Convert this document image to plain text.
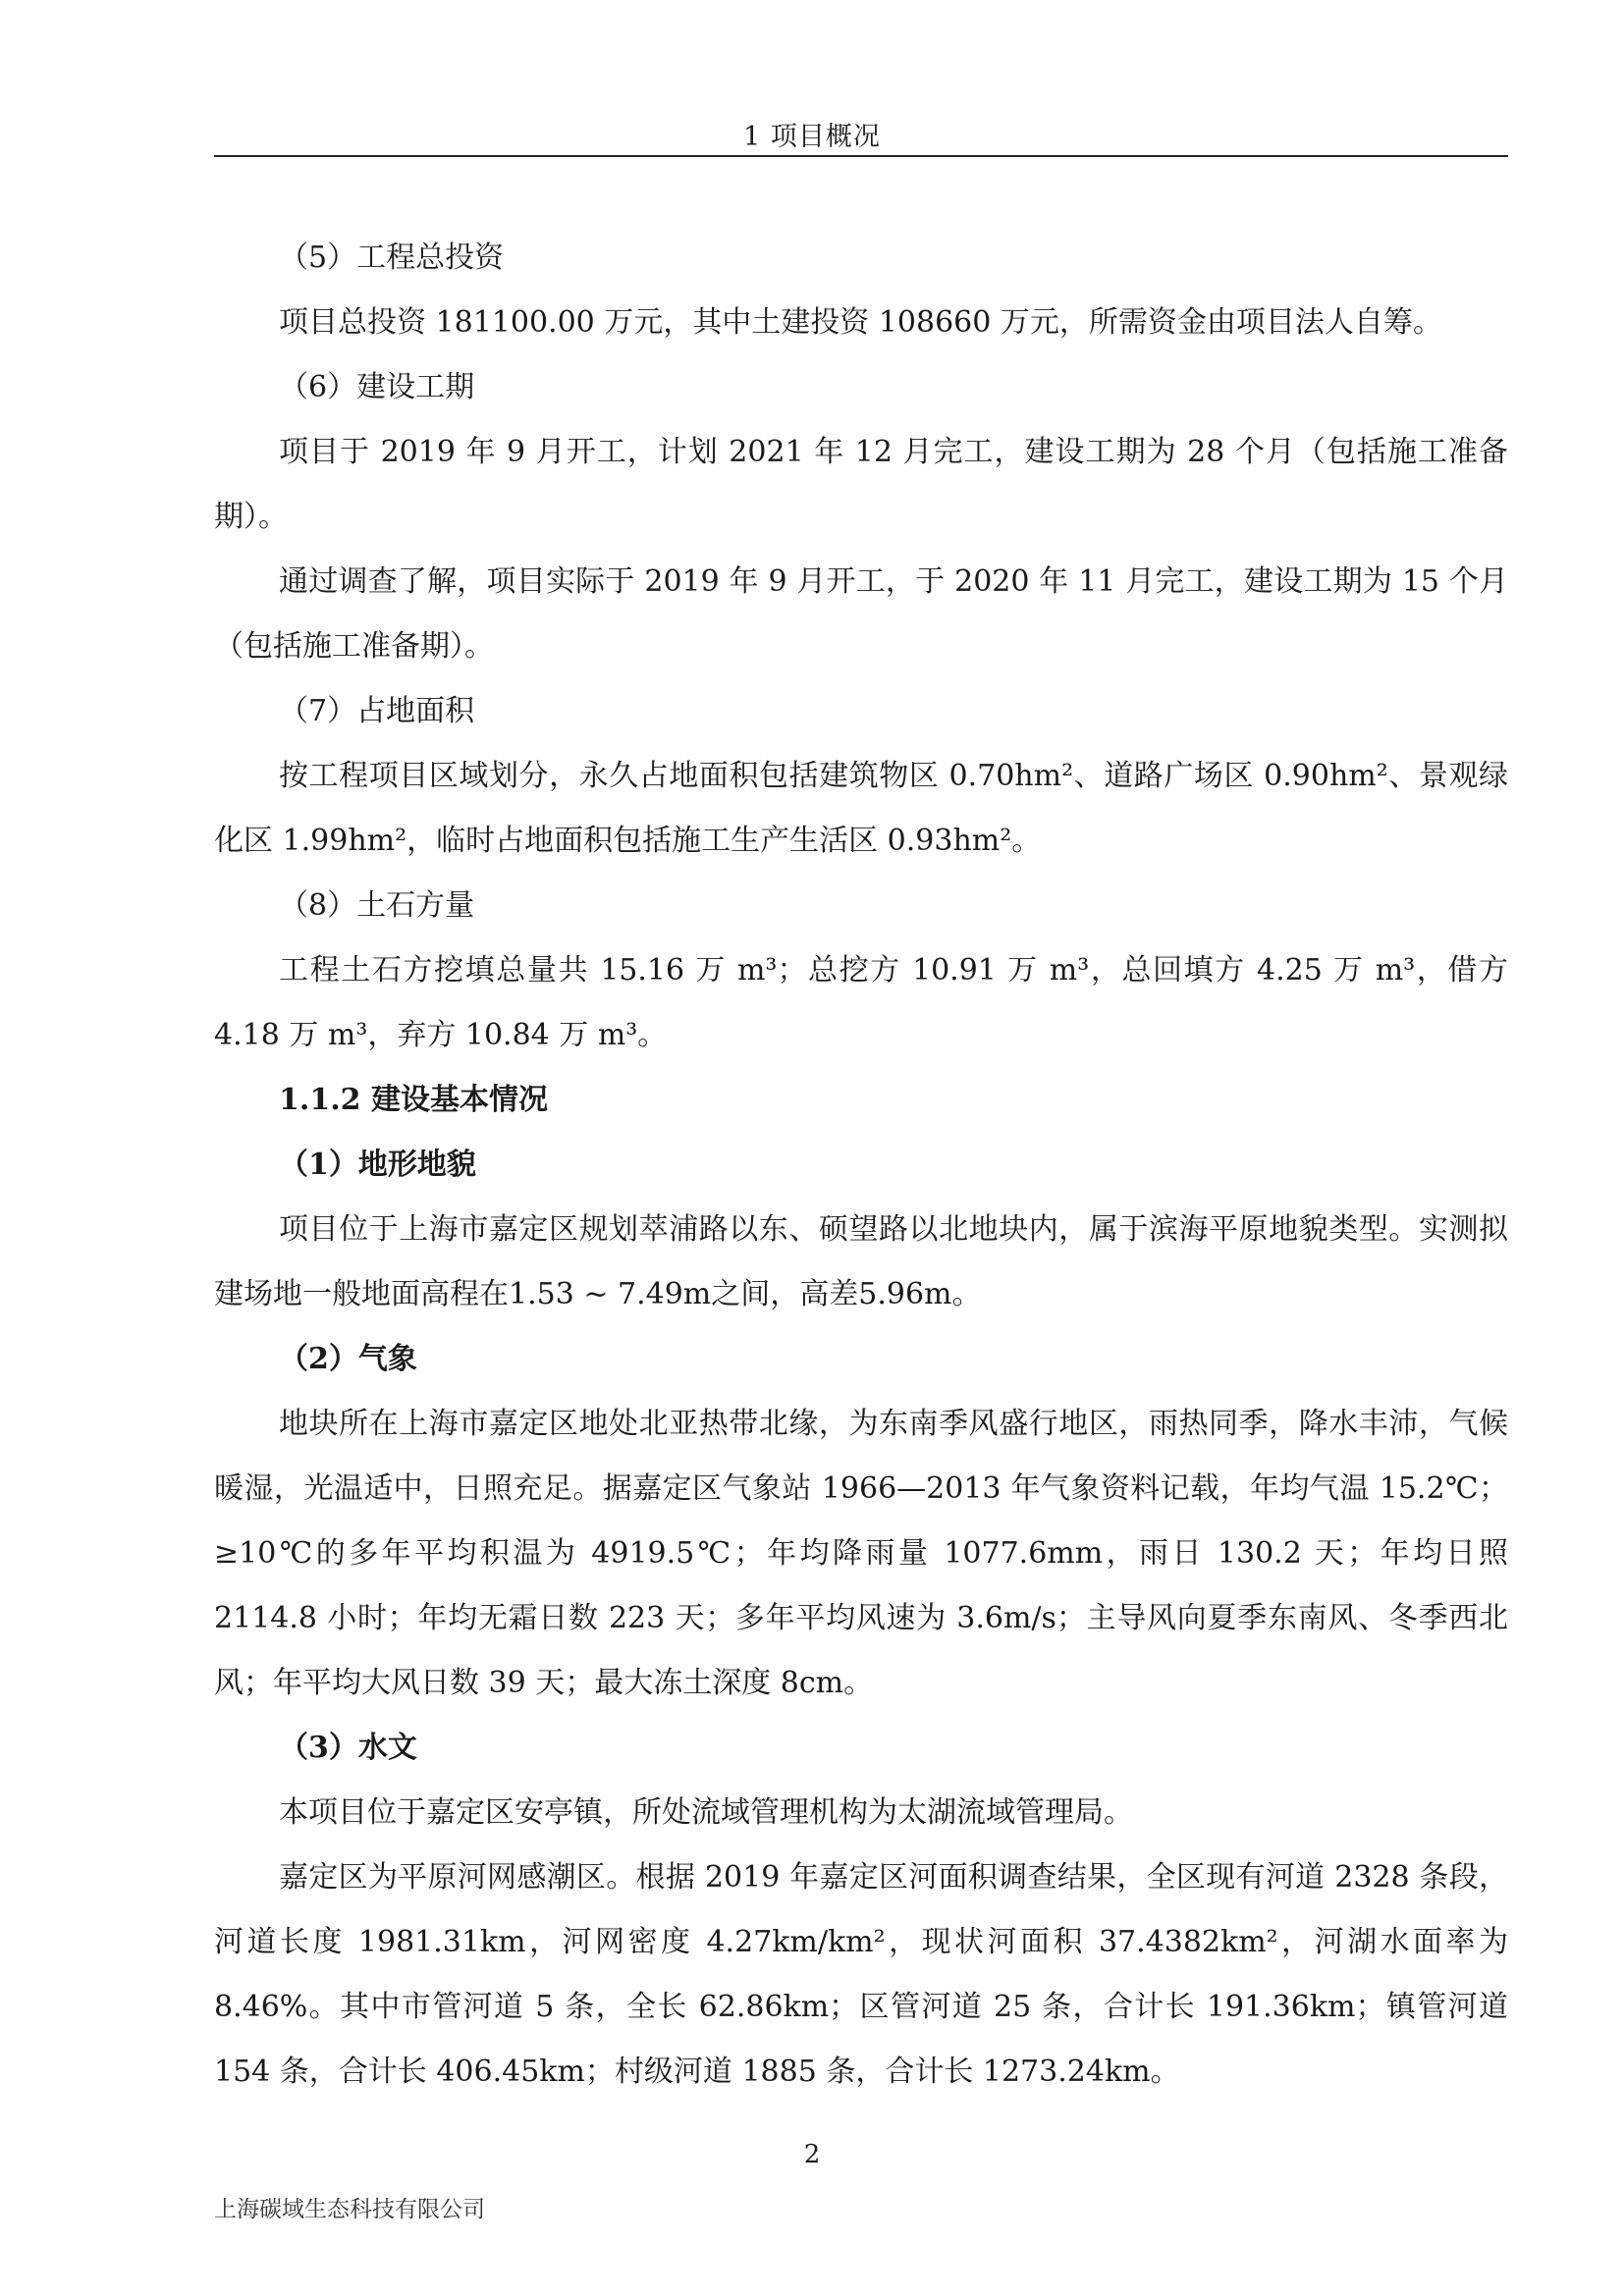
1 项目概况

（5）工程总投资

项目总投资 181100.00 万元，其中土建投资 108660 万元，所需资金由项目法人自筹。

（6）建设工期

项目于 2019 年 9 月开工，计划 2021 年 12 月完工，建设工期为 28 个月（包括施工准备期）。

通过调查了解，项目实际于 2019 年 9 月开工，于 2020 年 11 月完工，建设工期为 15 个月（包括施工准备期）。

（7）占地面积

按工程项目区域划分，永久占地面积包括建筑物区 0.70hm²、道路广场区 0.90hm²、景观绿化区 1.99hm²，临时占地面积包括施工生产生活区 0.93hm²。

（8）土石方量

工程土石方挖填总量共 15.16 万 m³；总挖方 10.91 万 m³，总回填方 4.25 万 m³，借方 4.18 万 m³，弃方 10.84 万 m³。

1.1.2 建设基本情况

（1）地形地貌

项目位于上海市嘉定区规划萃浦路以东、硕望路以北地块内，属于滨海平原地貌类型。实测拟建场地一般地面高程在1.53 ~ 7.49m之间，高差5.96m。

（2）气象

地块所在上海市嘉定区地处北亚热带北缘，为东南季风盛行地区，雨热同季，降水丰沛，气候暖湿，光温适中，日照充足。据嘉定区气象站 1966—2013 年气象资料记载，年均气温 15.2℃；≥10℃的多年平均积温为 4919.5℃；年均降雨量 1077.6mm，雨日 130.2 天；年均日照 2114.8 小时；年均无霜日数 223 天；多年平均风速为 3.6m/s；主导风向夏季东南风、冬季西北风；年平均大风日数 39 天；最大冻土深度 8cm。

（3）水文

本项目位于嘉定区安亭镇，所处流域管理机构为太湖流域管理局。

嘉定区为平原河网感潮区。根据 2019 年嘉定区河面积调查结果，全区现有河道 2328 条段，河道长度 1981.31km，河网密度 4.27km/km²，现状河面积 37.4382km²，河湖水面率为 8.46%。其中市管河道 5 条，全长 62.86km；区管河道 25 条，合计长 191.36km；镇管河道 154 条，合计长 406.45km；村级河道 1885 条，合计长 1273.24km。

2
上海碳域生态科技有限公司
